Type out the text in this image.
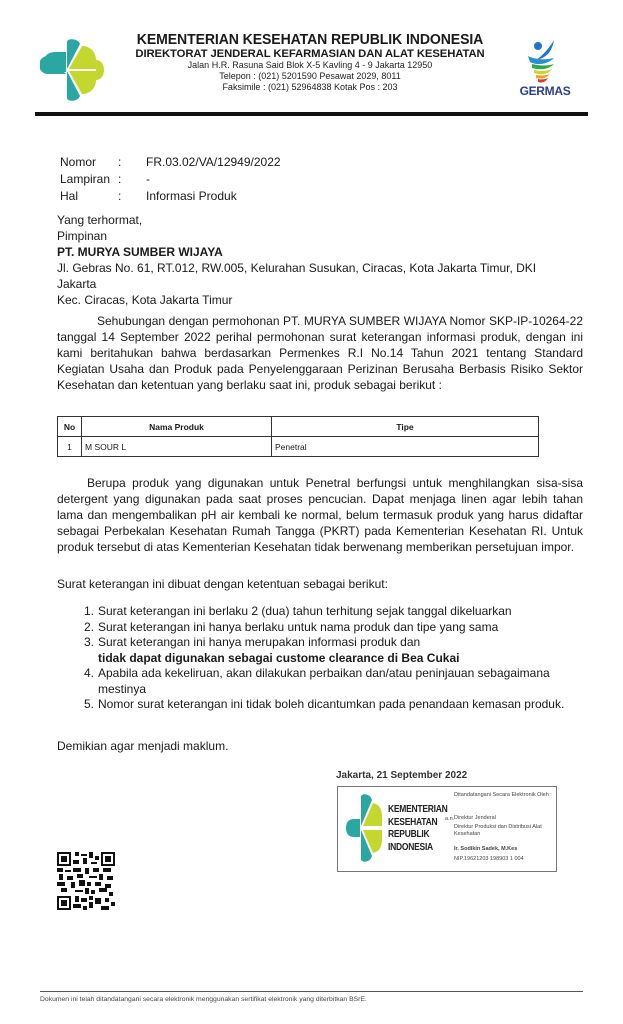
KEMENTERIAN KESEHATAN REPUBLIK INDONESIA
DIREKTORAT JENDERAL KEFARMASIAN DAN ALAT KESEHATAN
Jalan H.R. Rasuna Said Blok X-5 Kavling 4 - 9 Jakarta 12950
Telepon : (021) 5201590 Pesawat 2029, 8011
Faksimile : (021) 52964838 Kotak Pos : 203	GERMAS
Nomor	:	FR.03.02/VA/12949/2022
Lampiran :	-
Hal	:	Informasi Produk
Yang terhormat,
Pimpinan
PT. MURYA SUMBER WIJAYA
Jl. Gebras No. 61, RT.012, RW.005, Kelurahan Susukan, Ciracas, Kota Jakarta Timur, DKI
Jakarta
Kec. Ciracas, Kota Jakarta Timur
Sehubungan dengan permohonan PT. MURYA SUMBER WIJAYA Nomor SKP-IP-10264-22 tanggal 14 September 2022 perihal permohonan surat keterangan informasi produk, dengan ini kami beritahukan bahwa berdasarkan Permenkes R.I No.14 Tahun 2021 tentang Standard Kegiatan Usaha dan Produk pada Penyelenggaraan Perizinan Berusaha Berbasis Risiko Sektor Kesehatan dan ketentuan yang berlaku saat ini, produk sebagai berikut :
No	Nama Produk	Tipe
1	M SOUR L	Penetral
Berupa produk yang digunakan untuk Penetral berfungsi untuk menghilangkan sisa-sisa detergent yang digunakan pada saat proses pencucian. Dapat menjaga linen agar lebih tahan lama dan mengembalikan pH air kembali ke normal, belum termasuk produk yang harus didaftar sebagai Perbekalan Kesehatan Rumah Tangga (PKRT) pada Kementerian Kesehatan RI. Untuk produk tersebut di atas Kementerian Kesehatan tidak berwenang memberikan persetujuan impor.
Surat keterangan ini dibuat dengan ketentuan sebagai berikut:
1. Surat keterangan ini berlaku 2 (dua) tahun terhitung sejak tanggal dikeluarkan
2. Surat keterangan ini hanya berlaku untuk nama produk dan tipe yang sama
3. Surat keterangan ini hanya merupakan informasi produk dan
tidak dapat digunakan sebagai custome clearance di Bea Cukai
4. Apabila ada kekeliruan, akan dilakukan perbaikan dan/atau peninjauan sebagaimana mestinya
5. Nomor surat keterangan ini tidak boleh dicantumkan pada penandaan kemasan produk.
Demikian agar menjadi maklum.
Jakarta, 21 September 2022
KEMENTERIAN
KESEHATAN
REPUBLIK
INDONESIA
Ditandatangani Secara Elektronik Oleh :
a.n. Direktur Jenderal
Direktur Produksi dan Distribusi Alat Kesehatan
Ir. Sodikin Sadek, M.Kes
NIP.19621203 198903 1 004
Dokumen ini telah ditandatangani secara elektronik menggunakan sertifikat elektronik yang diterbitkan BSrE.
